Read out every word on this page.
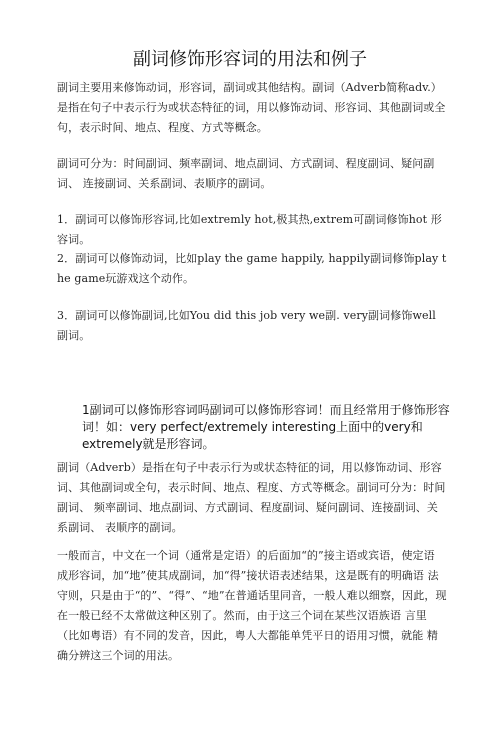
副词修饰形容词的用法和例子
副词主要用来修饰动词，形容词，副词或其他结构。副词（Adverb简称adv.） 是指在句子中表示行为或状态特征的词，用以修饰动词、形容词、其他副词或全 句，表示时间、地点、程度、方式等概念。
副词可分为：时间副词、频率副词、地点副词、方式副词、程度副词、疑问副词、 连接副词、关系副词、表顺序的副词。
1．副词可以修饰形容词,比如extremly hot,极其热,extrem可副词修饰hot 形容词。
2．副词可以修饰动词，比如play the game happily, happily副词修饰play the game玩游戏这个动作。
3．副词可以修饰副词,比如You did this job very we副. very副词修饰well 副词。
1副词可以修饰形容词吗副词可以修饰形容词！而且经常用于修饰形容词！如：very perfect/extremely interesting上面中的very和extremely就是形容词。
副词（Adverb）是指在句子中表示行为或状态特征的词，用以修饰动词、形容词、其他副词或全句，表示时间、地点、程度、方式等概念。副词可分为：时间副词、 频率副词、地点副词、方式副词、程度副词、疑问副词、连接副词、关系副词、 表顺序的副词。
一般而言，中文在一个词（通常是定语）的后面加“的”接主语或宾语，使定语 成形容词，加“地”使其成副词，加“得”接状语表述结果，这是既有的明确语 法守则，只是由于“的”、“得”、“地”在普通话里同音，一般人难以细察，因此，现在一般已经不太常做这种区别了。然而，由于这三个词在某些汉语族语 言里（比如粤语）有不同的发音，因此，粤人大都能单凭平日的语用习惯，就能 精确分辨这三个词的用法。
